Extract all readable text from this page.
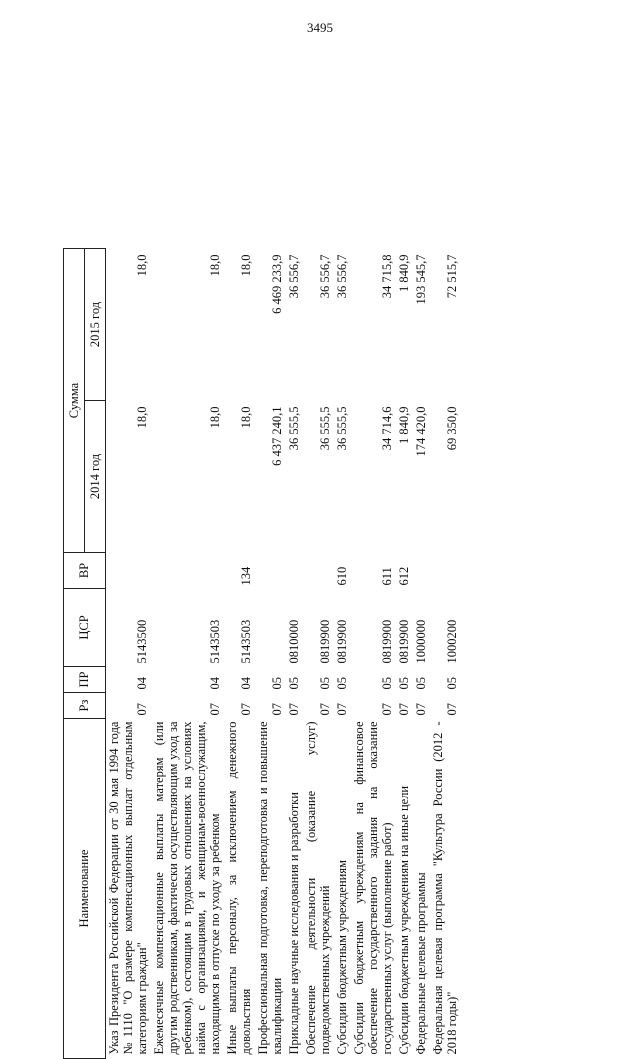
3495
Наименование	Рз	ПР	ЦСР	ВР	Сумма	
					2014 год	2015 год
Указ Президента Российской Федерации от 30 мая 1994 года №1110 "О размере компенсационных выплат отдельным категориям граждан"	07	04	5143500		18,0	18,0
Ежемесячные компенсационные выплаты матерям (или другим родственникам, фактически осуществляющим уход за ребенком), состоящим в трудовых отношениях на условиях найма с организациями, и женщинам-военнослужащим, находящимся в отпуске по уходу за ребенком	07	04	5143503		18,0	18,0
Иные выплаты персоналу, за исключением денежного довольствия	07	04	5143503	134	18,0	18,0
Профессиональная подготовка, переподготовка и повышение квалификации	07	05			6 437 240,1	6 469 233,9
Прикладные научные исследования и разработки	07	05	0810000		36 555,5	36 556,7
Обеспечение деятельности (оказание услуг) подведомственных учреждений	07	05	0819900		36 555,5	36 556,7
Субсидии бюджетным учреждениям	07	05	0819900	610	36 555,5	36 556,7
Субсидии бюджетным учреждениям на финансовое обеспечение государственного задания на оказание государственных услуг (выполнение работ)	07	05	0819900	611	34 714,6	34 715,8
Субсидии бюджетным учреждениям на иные цели	07	05	0819900	612	1 840,9	1 840,9
Федеральные целевые программы	07	05	1000000		174 420,0	193 545,7
Федеральная целевая программа "Культура России (2012 - 2018 годы)"	07	05	1000200		69 350,0	72 515,7
